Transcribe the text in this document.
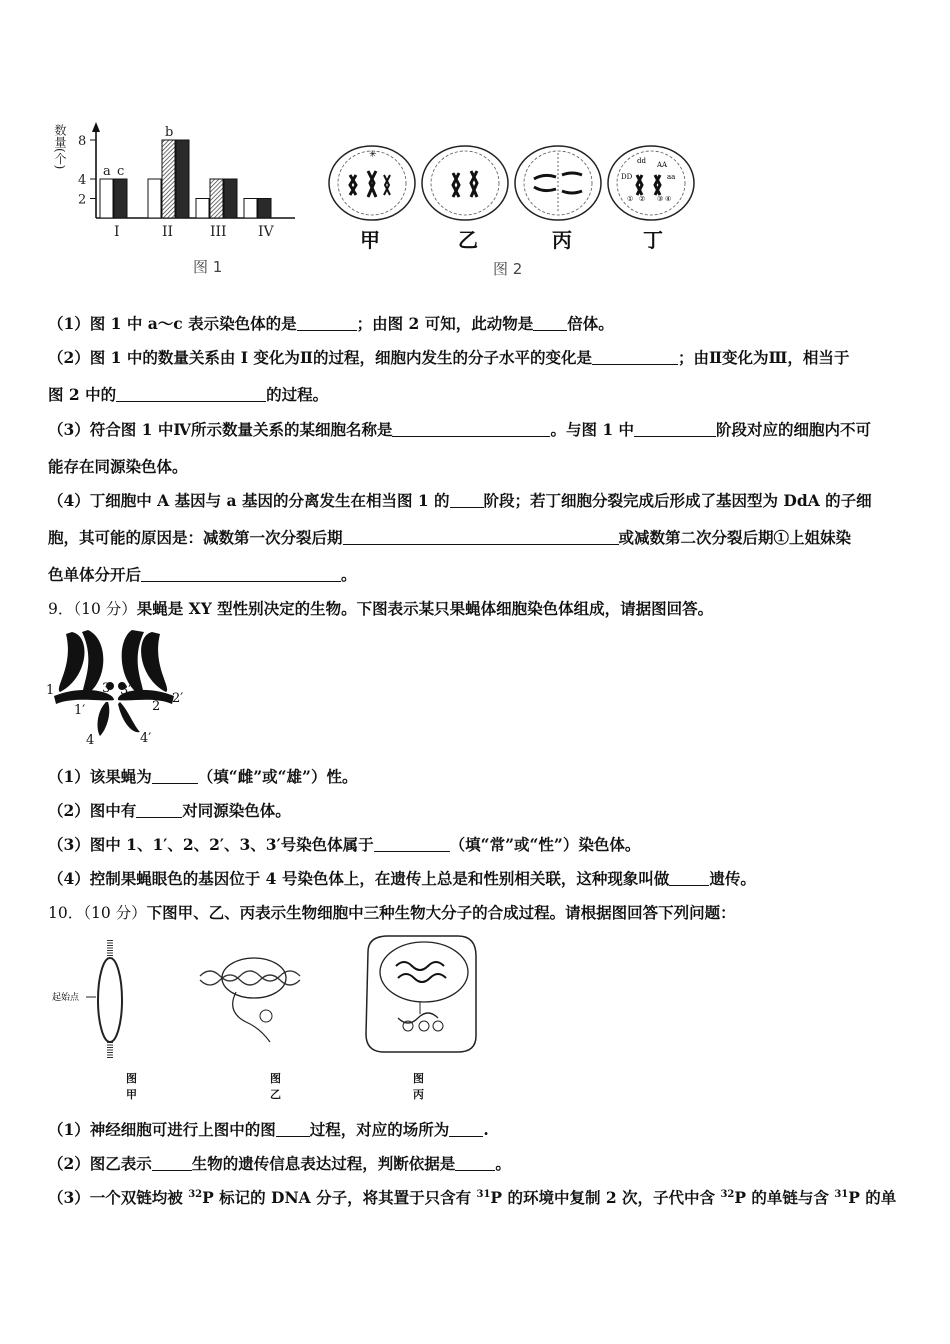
数量(个)
2
4
8
I	II	III IV
a c
b
图 1
✳
DD
dd AA
aa
① ② ③ ④
甲	乙	丙	丁
图 2
（1）图 1 中 a～c 表示染色体的是	；由图 2 可知，此动物是 倍体。
（2）图 1 中的数量关系由 I 变化为Ⅱ的过程，细胞内发生的分子水平的变化是	；由Ⅱ变化为Ⅲ，相当于
图 2 中的	的过程。
（3）符合图 1 中Ⅳ所示数量关系的某细胞名称是	。与图 1 中	阶段对应的细胞内不可
能存在同源染色体。
（4）丁细胞中 A 基因与 a 基因的分离发生在相当图 1 的 阶段；若丁细胞分裂完成后形成了基因型为 DdA 的子细
胞，其可能的原因是：减数第一次分裂后期	或减数第二次分裂后期①上姐妹染
色单体分开后	。
9．（10 分）果蝇是 XY 型性别决定的生物。下图表示某只果蝇体细胞染色体组成，请据图回答。
1
1′
3 3′
2
2′
4	4′
（1）该果蝇为	（填“雌”或“雄”）性。
（2）图中有	对同源染色体。
（3）图中 1、1′、2、2′、3、3′号染色体属于	（填“常”或“性”）染色体。
（4）控制果蝇眼色的基因位于 4 号染色体上，在遗传上总是和性别相关联，这种现象叫做	遗传。
10．（10 分）下图甲、乙、丙表示生物细胞中三种生物大分子的合成过程。请根据图回答下列问题：
起始点
图甲
图乙
图丙
（1）神经细胞可进行上图中的图 过程，对应的场所为 .
（2）图乙表示	生物的遗传信息表达过程，判断依据是	。
（3）一个双链均被 $^{32}$P 标记的 DNA 分子，将其置于只含有 $^{31}$P 的环境中复制 2 次，子代中含 $^{32}$P 的单链与含 $^{31}$P 的单
